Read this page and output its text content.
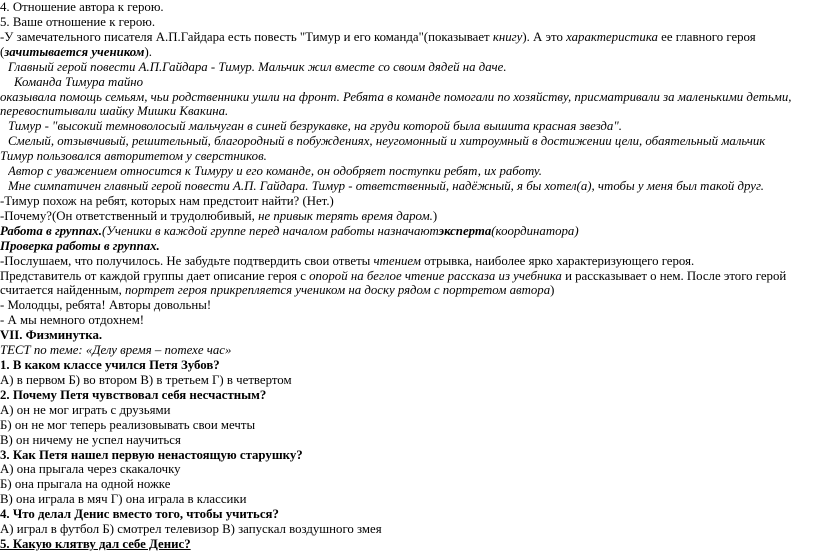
4. Отношение автора к герою.
5. Ваше отношение к герою.
-У замечательного писателя А.П.Гайдара есть повесть "Тимур и его команда"(показывает книгу). А это характеристика ее главного героя
(зачитывается учеником).
Главный герой повести А.П.Гайдара - Тимур. Мальчик жил вместе со своим дядей на даче.
Команда Тимура тайно
оказывала помощь семьям, чьи родственники ушли на фронт. Ребята в команде помогали по хозяйству, присматривали за маленькими детьми,
перевоспитывали шайку Мишки Квакина.
Тимур - "высокий темноволосый мальчуган в синей безрукавке, на груди которой была вышита красная звезда".
Смелый, отзывчивый, решительный, благородный в побуждениях, неугомонный и хитроумный в достижении цели, обаятельный мальчик
Тимур пользовался авторитетом у сверстников.
Автор с уважением относится к Тимуру и его команде, он одобряет поступки ребят, их работу.
Мне симпатичен главный герой повести А.П. Гайдара. Тимур - ответственный, надёжный, я бы хотел(а), чтобы у меня был такой друг.
-Тимур похож на ребят, которых нам предстоит найти? (Нет.)
-Почему?(Он ответственный и трудолюбивый, не привык терять время даром.)
Работа в группах.(Ученики в каждой группе перед началом работы назначаютэксперта(координатора)
Проверка работы в группах.
-Послушаем, что получилось. Не забудьте подтвердить свои ответы чтением отрывка, наиболее ярко характеризующего героя.
Представитель от каждой группы дает описание героя с опорой на беглое чтение рассказа из учебника и рассказывает о нем. После этого герой
считается найденным, портрет героя прикрепляется учеником на доску рядом с портретом автора)
- Молодцы, ребята! Авторы довольны!
- А мы немного отдохнем!
VII. Физминутка.
ТЕСТ по теме: «Делу время – потехе час»
1. В каком классе учился Петя Зубов?
А) в первом Б) во втором В) в третьем Г) в четвертом
2. Почему Петя чувствовал себя несчастным?
А) он не мог играть с друзьями
Б) он не мог теперь реализовывать свои мечты
В) он ничему не успел научиться
3. Как Петя нашел первую ненастоящую старушку?
А) она прыгала через скакалочку
Б) она прыгала на одной ножке
В) она играла в мяч Г) она играла в классики
4. Что делал Денис вместо того, чтобы учиться?
А) играл в футбол Б) смотрел телевизор В) запускал воздушного змея
5. Какую клятву дал себе Денис?
